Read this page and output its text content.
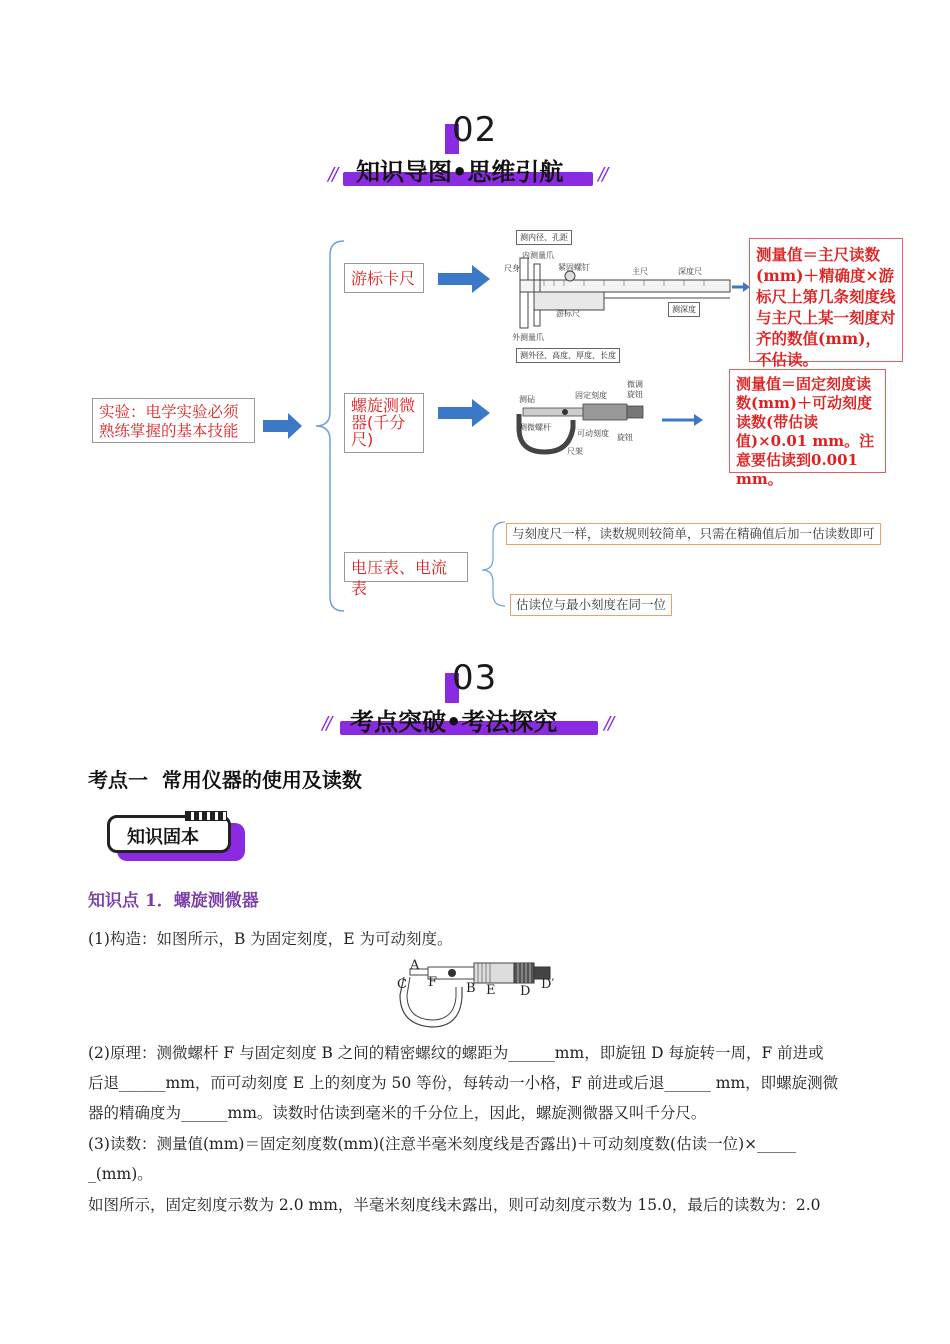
02
// 知识导图•思维引航 //
实验：电学实验必须熟练掌握的基本技能
游标卡尺
螺旋测微器(千分尺)
电压表、电流表
测内径、孔距
内测量爪
尺身	紧固螺钉	主尺	深度尺
游标尺	测深度
外测量爪
测外径、高度、厚度、长度
测砧	固定刻度
微调旋钮
测微螺杆
可动刻度 旋钮
尺架
测量值＝主尺读数(mm)＋精确度×游标尺上第几条刻度线与主尺上某一刻度对齐的数值(mm)，不估读。
测量值＝固定刻度读数(mm)＋可动刻度读数(带估读值)×0.01 mm。注意要估读到0.001 mm。
与刻度尺一样，读数规则较简单，只需在精确值后加一估读数即可
估读位与最小刻度在同一位
03
// 考点突破•考法探究	//
考点一  常用仪器的使用及读数
知识固本
知识点 1．螺旋测微器
(1)构造：如图所示，B 为固定刻度，E 为可动刻度。
A
C F B E D D′
(2)原理：测微螺杆 F 与固定刻度 B 之间的精密螺纹的螺距为______mm，即旋钮 D 每旋转一周，F 前进或
后退______mm，而可动刻度 E 上的刻度为 50 等份，每转动一小格，F 前进或后退______ mm，即螺旋测微
器的精确度为______mm。读数时估读到毫米的千分位上，因此，螺旋测微器又叫千分尺。
(3)读数：测量值(mm)＝固定刻度数(mm)(注意半毫米刻度线是否露出)＋可动刻度数(估读一位)×_____
_(mm)。
如图所示，固定刻度示数为 2.0 mm，半毫米刻度线未露出，则可动刻度示数为 15.0，最后的读数为：2.0
